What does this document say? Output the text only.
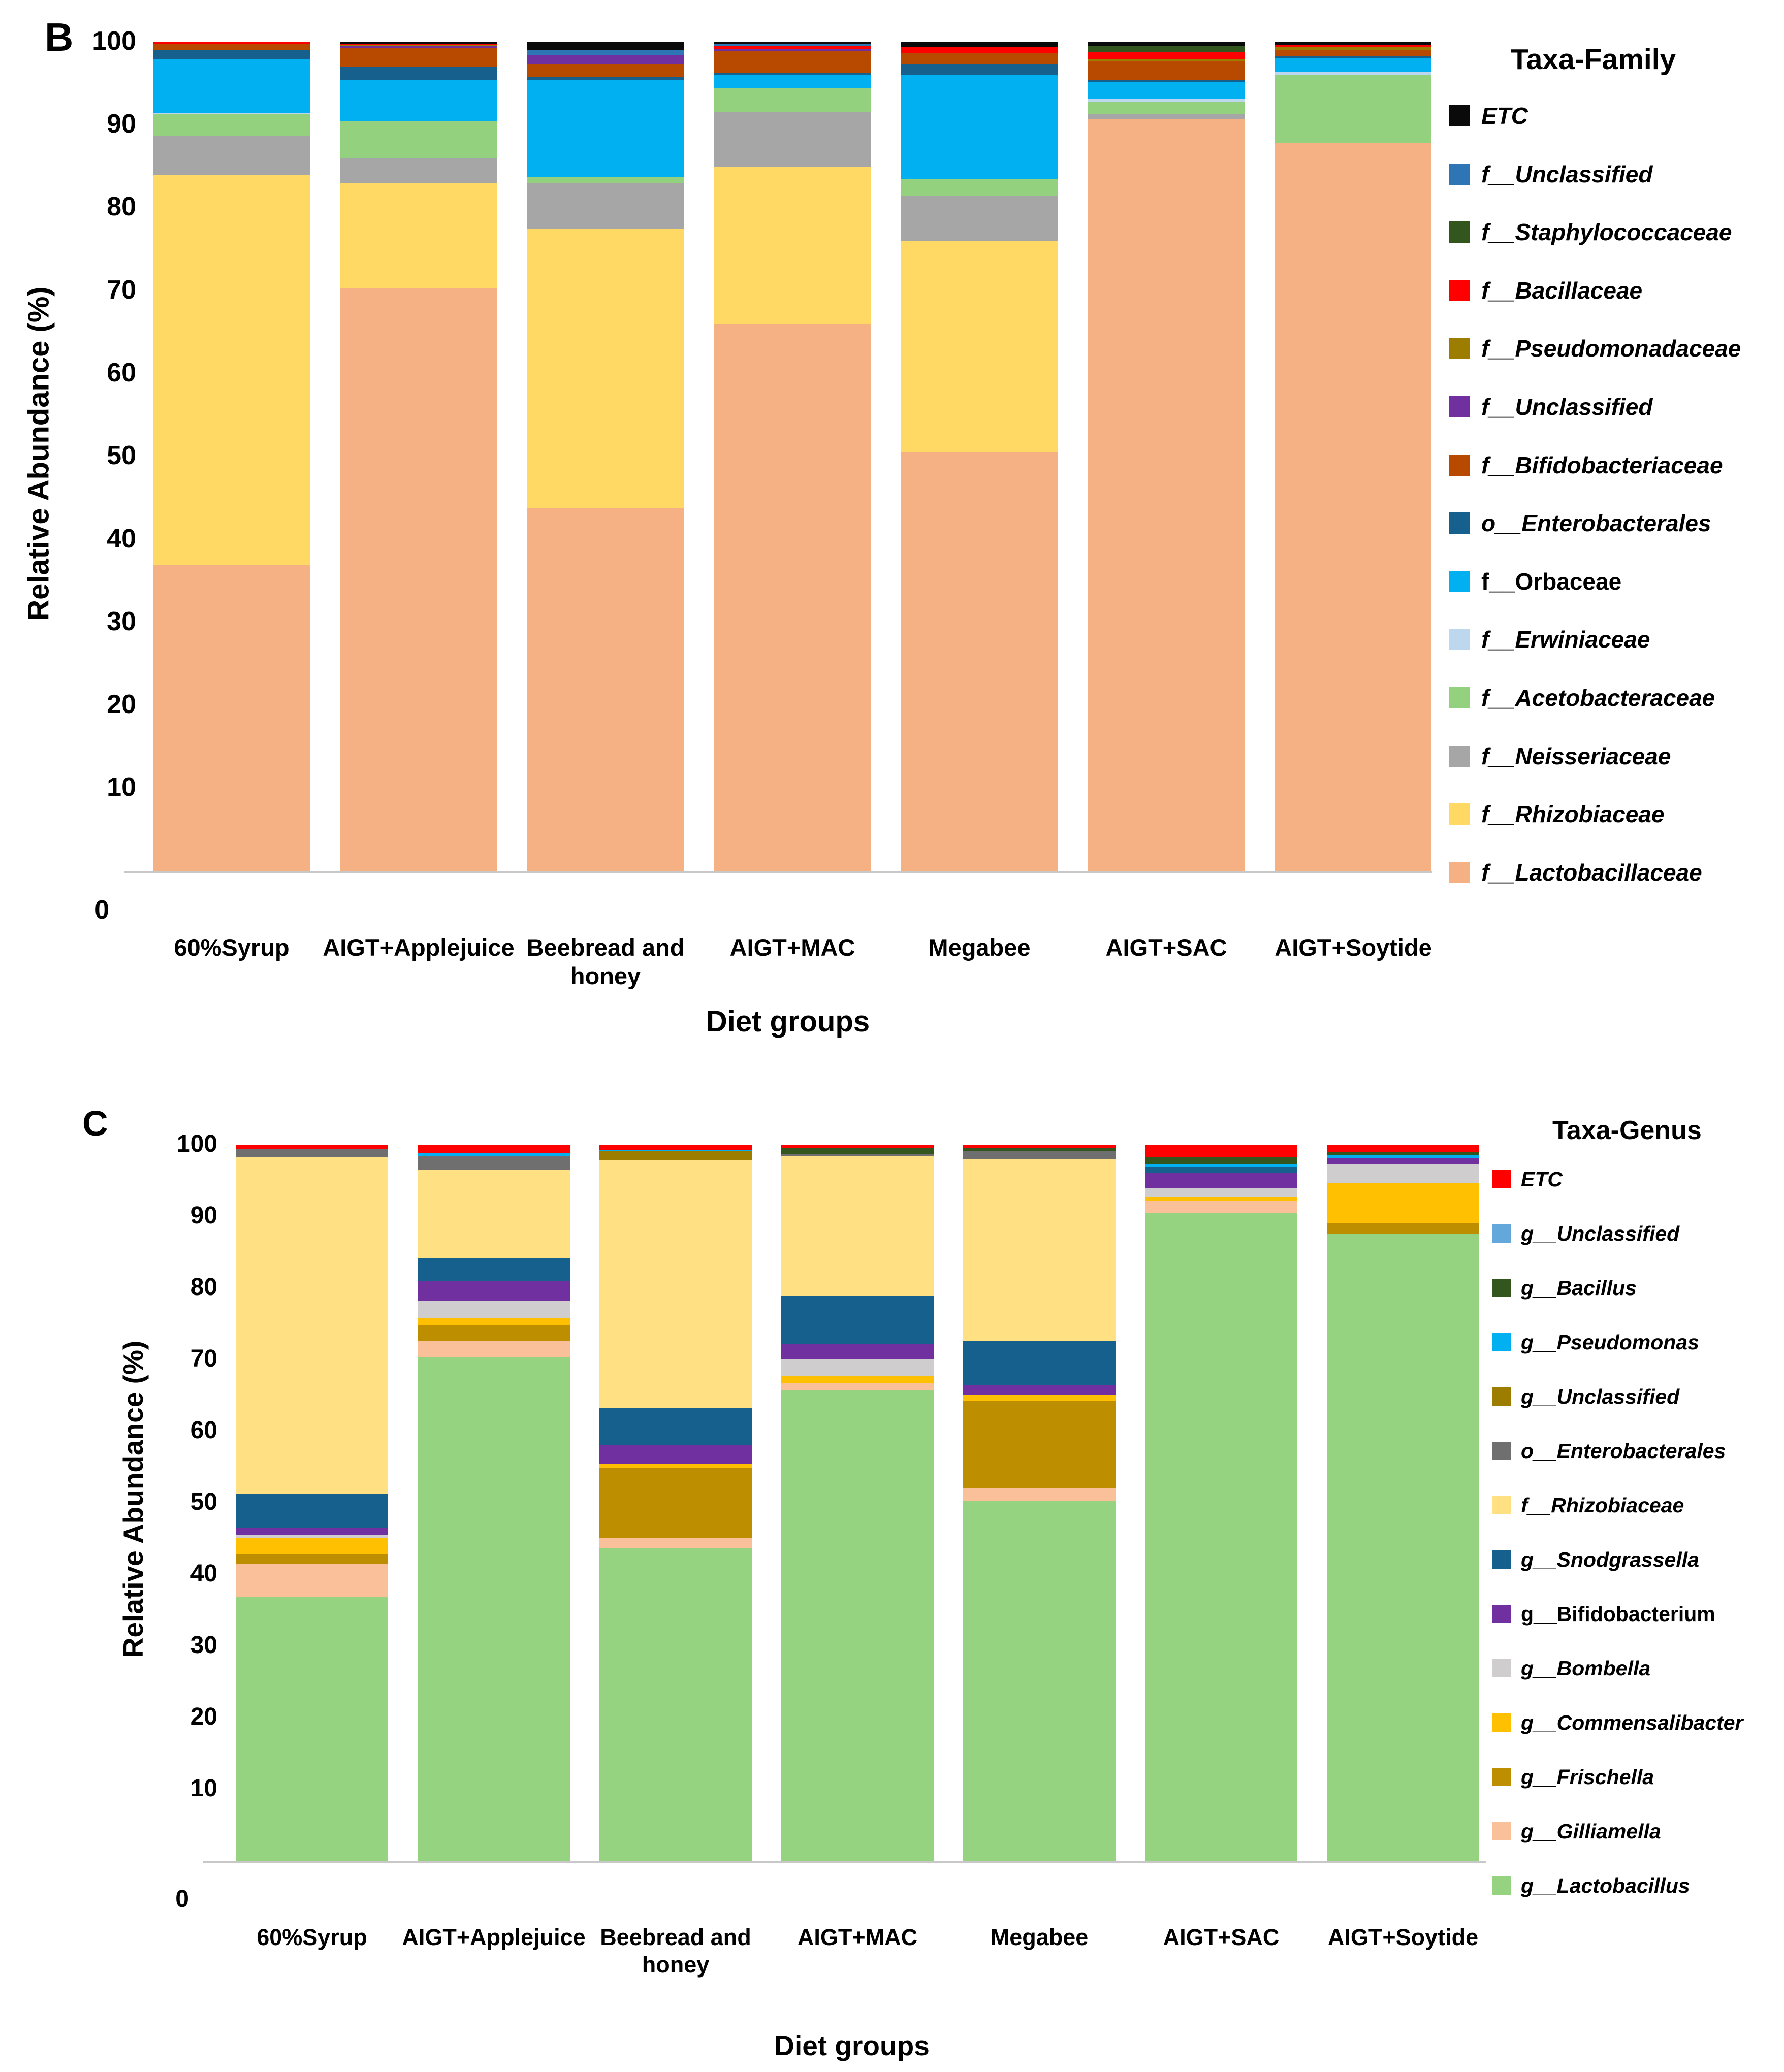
B
Relative Abundance (%)
100
90
80
70
60
50
40
30
20
10
0
60%Syrup	AIGT+Applejuice Beebread and honey
AIGT+MAC	Megabee	AIGT+SAC	AIGT+Soytide
Diet groups
Taxa-Family
ETC
f__Unclassified
f__Staphylococcaceae
f__Bacillaceae
f__Pseudomonadaceae
f__Unclassified
f__Bifidobacteriaceae
o__Enterobacterales
f__Orbaceae
f__Erwiniaceae
f__Acetobacteraceae
f__Neisseriaceae
f__Rhizobiaceae
f__Lactobacillaceae
C
Relative Abundance (%)
100
90
80
70
60
50
40
30
20
10
0
60%Syrup	AIGT+Applejuice Beebread and honey
AIGT+MAC	Megabee	AIGT+SAC	AIGT+Soytide
Diet groups
Taxa-Genus
ETC
g__Unclassified
g__Bacillus
g__Pseudomonas
g__Unclassified
o__Enterobacterales
f__Rhizobiaceae
g__Snodgrassella
g__Bifidobacterium
g__Bombella
g__Commensalibacter
g__Frischella
g__Gilliamella
g__Lactobacillus
